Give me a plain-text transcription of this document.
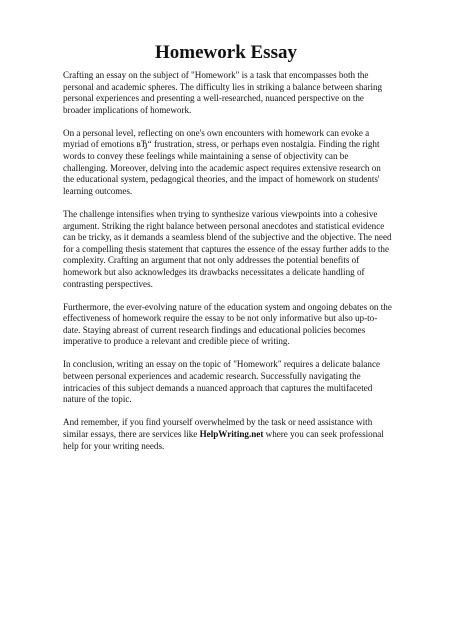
Homework Essay

Crafting an essay on the subject of "Homework" is a task that encompasses both the personal and academic spheres. The difficulty lies in striking a balance between sharing personal experiences and presenting a well-researched, nuanced perspective on the broader implications of homework.

On a personal level, reflecting on one's own encounters with homework can evoke a myriad of emotions вЂ“ frustration, stress, or perhaps even nostalgia. Finding the right words to convey these feelings while maintaining a sense of objectivity can be challenging. Moreover, delving into the academic aspect requires extensive research on the educational system, pedagogical theories, and the impact of homework on students' learning outcomes.

The challenge intensifies when trying to synthesize various viewpoints into a cohesive argument. Striking the right balance between personal anecdotes and statistical evidence can be tricky, as it demands a seamless blend of the subjective and the objective. The need for a compelling thesis statement that captures the essence of the essay further adds to the complexity. Crafting an argument that not only addresses the potential benefits of homework but also acknowledges its drawbacks necessitates a delicate handling of contrasting perspectives.

Furthermore, the ever-evolving nature of the education system and ongoing debates on the effectiveness of homework require the essay to be not only informative but also up-to-date. Staying abreast of current research findings and educational policies becomes imperative to produce a relevant and credible piece of writing.

In conclusion, writing an essay on the topic of "Homework" requires a delicate balance between personal experiences and academic research. Successfully navigating the intricacies of this subject demands a nuanced approach that captures the multifaceted nature of the topic.

And remember, if you find yourself overwhelmed by the task or need assistance with similar essays, there are services like HelpWriting.net where you can seek professional help for your writing needs.
